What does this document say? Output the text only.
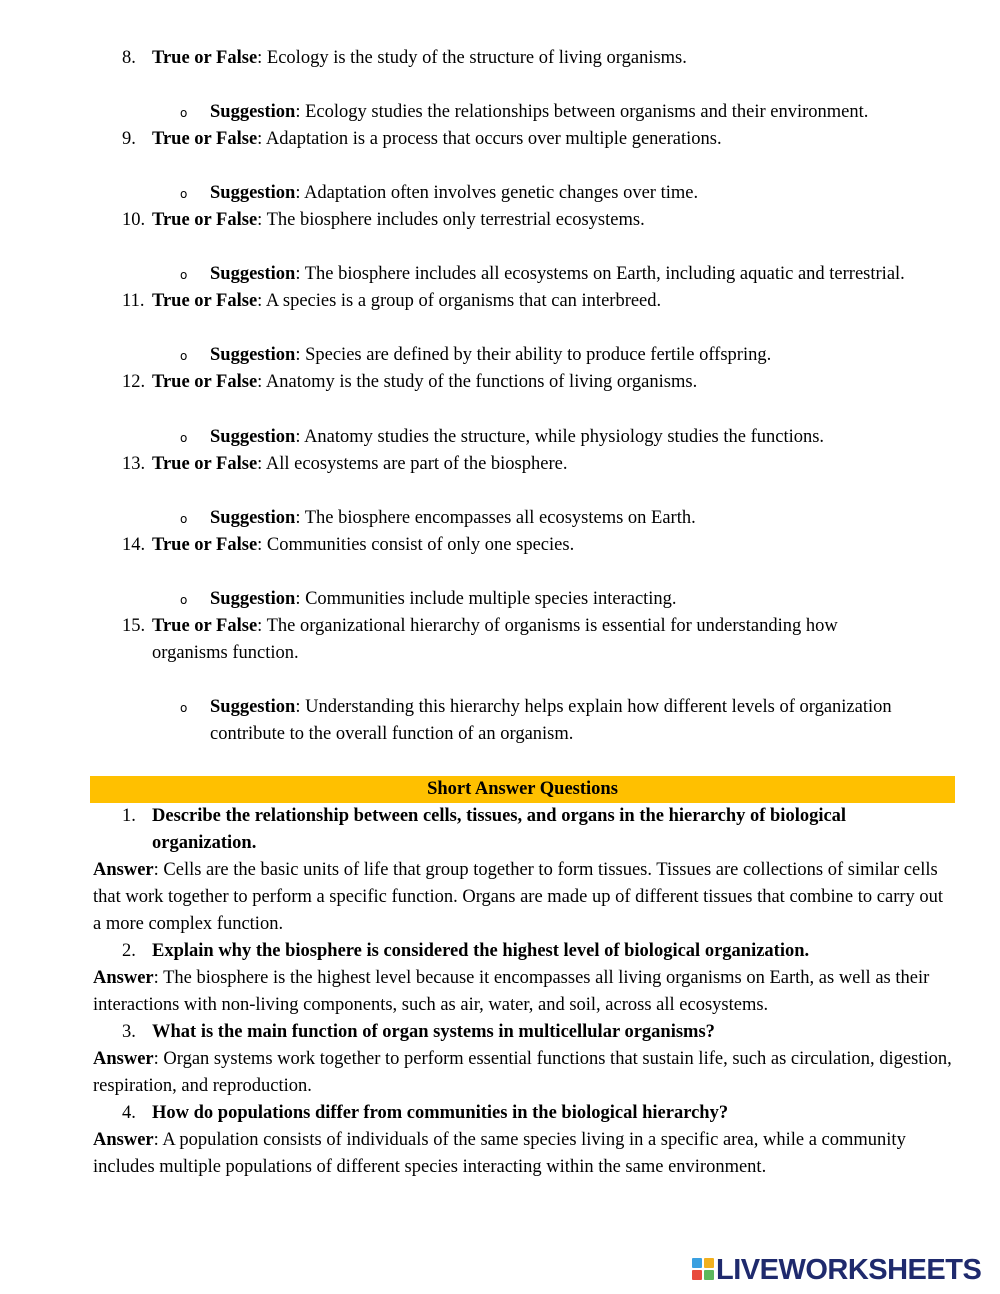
8. True or False: Ecology is the study of the structure of living organisms.
o Suggestion: Ecology studies the relationships between organisms and their environment.
9. True or False: Adaptation is a process that occurs over multiple generations.
o Suggestion: Adaptation often involves genetic changes over time.
10. True or False: The biosphere includes only terrestrial ecosystems.
o Suggestion: The biosphere includes all ecosystems on Earth, including aquatic and terrestrial.
11. True or False: A species is a group of organisms that can interbreed.
o Suggestion: Species are defined by their ability to produce fertile offspring.
12. True or False: Anatomy is the study of the functions of living organisms.
o Suggestion: Anatomy studies the structure, while physiology studies the functions.
13. True or False: All ecosystems are part of the biosphere.
o Suggestion: The biosphere encompasses all ecosystems on Earth.
14. True or False: Communities consist of only one species.
o Suggestion: Communities include multiple species interacting.
15. True or False: The organizational hierarchy of organisms is essential for understanding how organisms function.
o Suggestion: Understanding this hierarchy helps explain how different levels of organization contribute to the overall function of an organism.
Short Answer Questions
1. Describe the relationship between cells, tissues, and organs in the hierarchy of biological organization.
Answer: Cells are the basic units of life that group together to form tissues. Tissues are collections of similar cells that work together to perform a specific function. Organs are made up of different tissues that combine to carry out a more complex function.
2. Explain why the biosphere is considered the highest level of biological organization.
Answer: The biosphere is the highest level because it encompasses all living organisms on Earth, as well as their interactions with non-living components, such as air, water, and soil, across all ecosystems.
3. What is the main function of organ systems in multicellular organisms?
Answer: Organ systems work together to perform essential functions that sustain life, such as circulation, digestion, respiration, and reproduction.
4. How do populations differ from communities in the biological hierarchy?
Answer: A population consists of individuals of the same species living in a specific area, while a community includes multiple populations of different species interacting within the same environment.
LIVEWORKSHEETS
